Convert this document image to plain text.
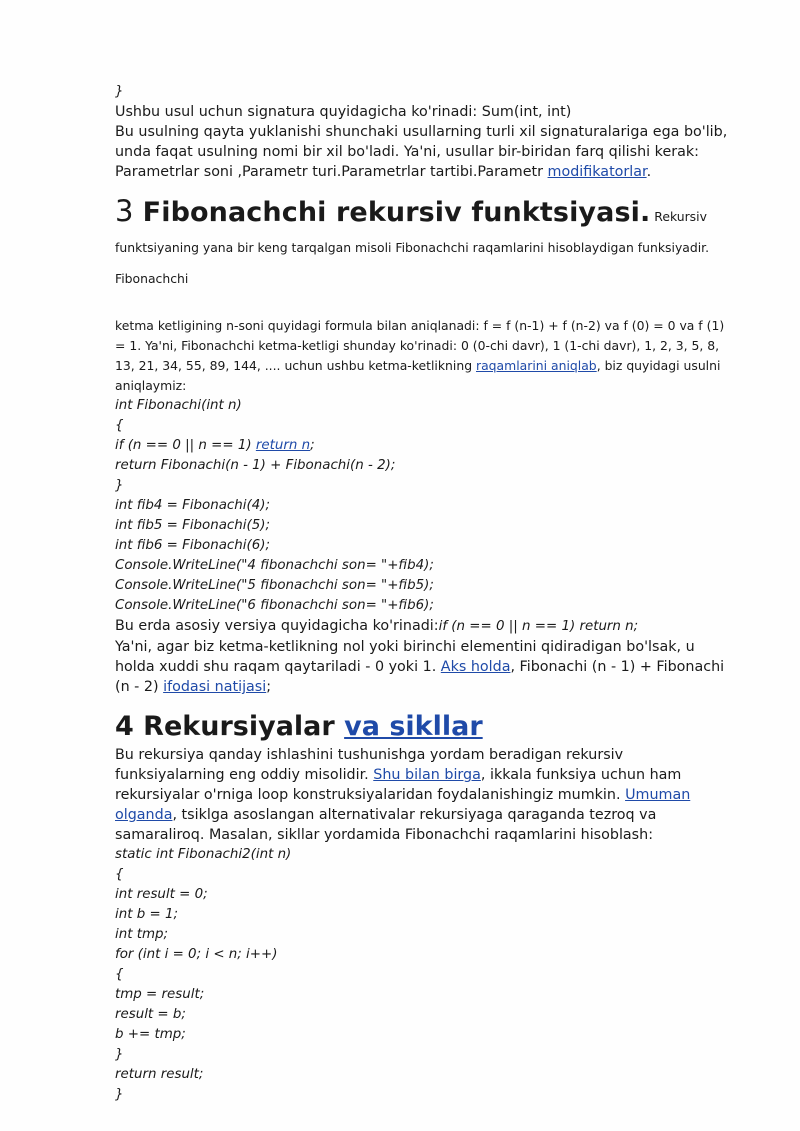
}

Ushbu usul uchun signatura quyidagicha ko'rinadi: Sum(int, int)

Bu usulning qayta yuklanishi shunchaki usullarning turli xil signaturalariga ega bo'lib, unda faqat usulning nomi bir xil bo'ladi. Ya'ni, usullar bir-biridan farq qilishi kerak: Parametrlar soni ,Parametr turi.Parametrlar tartibi.Parametr modifikatorlar.

3 Fibonachchi rekursiv funktsiyasi. Rekursiv funktsiyaning yana bir keng tarqalgan misoli Fibonachchi raqamlarini hisoblaydigan funksiyadir. Fibonachchi

ketma ketligining n-soni quyidagi formula bilan aniqlanadi: f = f (n-1) + f (n-2) va f (0) = 0 va f (1) = 1. Ya'ni, Fibonachchi ketma-ketligi shunday ko'rinadi: 0 (0-chi davr), 1 (1-chi davr), 1, 2, 3, 5, 8, 13, 21, 34, 55, 89, 144, .... uchun ushbu ketma-ketlikning raqamlarini aniqlab, biz quyidagi usulni aniqlaymiz:

int Fibonachi(int n)

{

if (n == 0 || n == 1) return n;

return Fibonachi(n - 1) + Fibonachi(n - 2);

}

int fib4 = Fibonachi(4);

int fib5 = Fibonachi(5);

int fib6 = Fibonachi(6);

Console.WriteLine("4 fibonachchi son= "+fib4);

Console.WriteLine("5 fibonachchi son= "+fib5);

Console.WriteLine("6 fibonachchi son= "+fib6);

Bu erda asosiy versiya quyidagicha ko'rinadi:if (n == 0 || n == 1) return n;

Ya'ni, agar biz ketma-ketlikning nol yoki birinchi elementini qidiradigan bo'lsak, u holda xuddi shu raqam qaytariladi - 0 yoki 1. Aks holda, Fibonachi (n - 1) + Fibonachi (n - 2) ifodasi natijasi;

4 Rekursiyalar va sikllar

Bu rekursiya qanday ishlashini tushunishga yordam beradigan rekursiv funksiyalarning eng oddiy misolidir. Shu bilan birga, ikkala funksiya uchun ham rekursiyalar o'rniga loop konstruksiyalaridan foydalanishingiz mumkin. Umuman olganda, tsiklga asoslangan alternativalar rekursiyaga qaraganda tezroq va samaraliroq. Masalan, sikllar yordamida Fibonachchi raqamlarini hisoblash:

static int Fibonachi2(int n)

{

int result = 0;

int b = 1;

int tmp;

for (int i = 0; i < n; i++)

{

tmp = result;

result = b;

b += tmp;

}

return result;

}
